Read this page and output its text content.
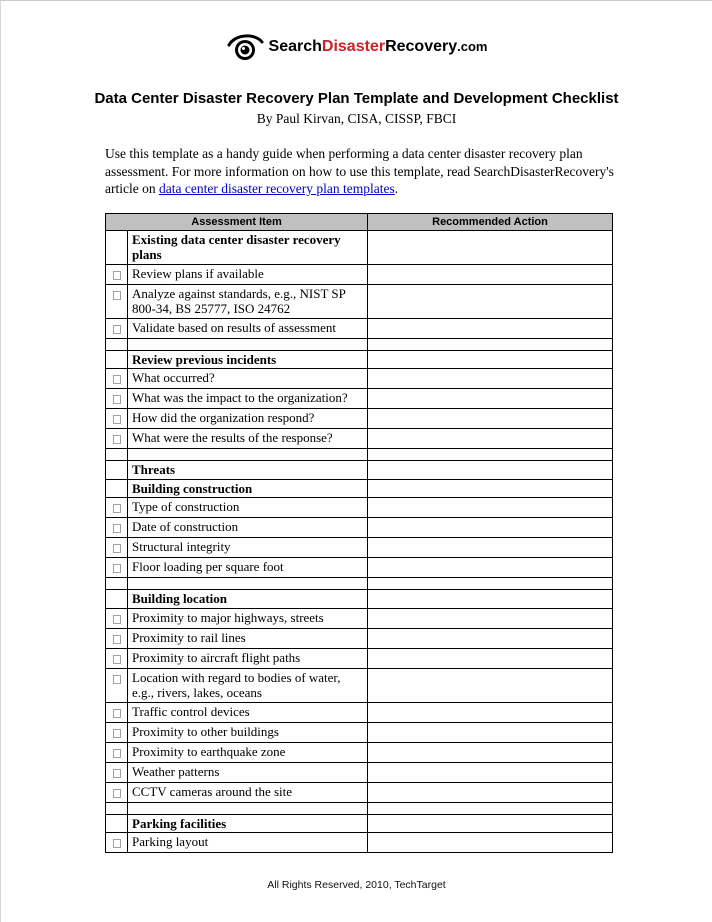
SearchDisasterRecovery.com
Data Center Disaster Recovery Plan Template and Development Checklist
By Paul Kirvan, CISA, CISSP, FBCI
Use this template as a handy guide when performing a data center disaster recovery plan assessment. For more information on how to use this template, read SearchDisasterRecovery's article on data center disaster recovery plan templates.
Assessment Item		Recommended Action
	Existing data center disaster recovery plans	
	Review plans if available	
	Analyze against standards, e.g., NIST SP 800-34, BS 25777, ISO 24762	
	Validate based on results of assessment	

	Review previous incidents	
	What occurred?	
	What was the impact to the organization?	
	How did the organization respond?	
	What were the results of the response?	

	Threats	
	Building construction	
	Type of construction	
	Date of construction	
	Structural integrity	
	Floor loading per square foot	

	Building location	
	Proximity to major highways, streets	
	Proximity to rail lines	
	Proximity to aircraft flight paths	
	Location with regard to bodies of water, e.g., rivers, lakes, oceans	
	Traffic control devices	
	Proximity to other buildings	
	Proximity to earthquake zone	
	Weather patterns	
	CCTV cameras around the site	

	Parking facilities	
	Parking layout	
All Rights Reserved, 2010, TechTarget
